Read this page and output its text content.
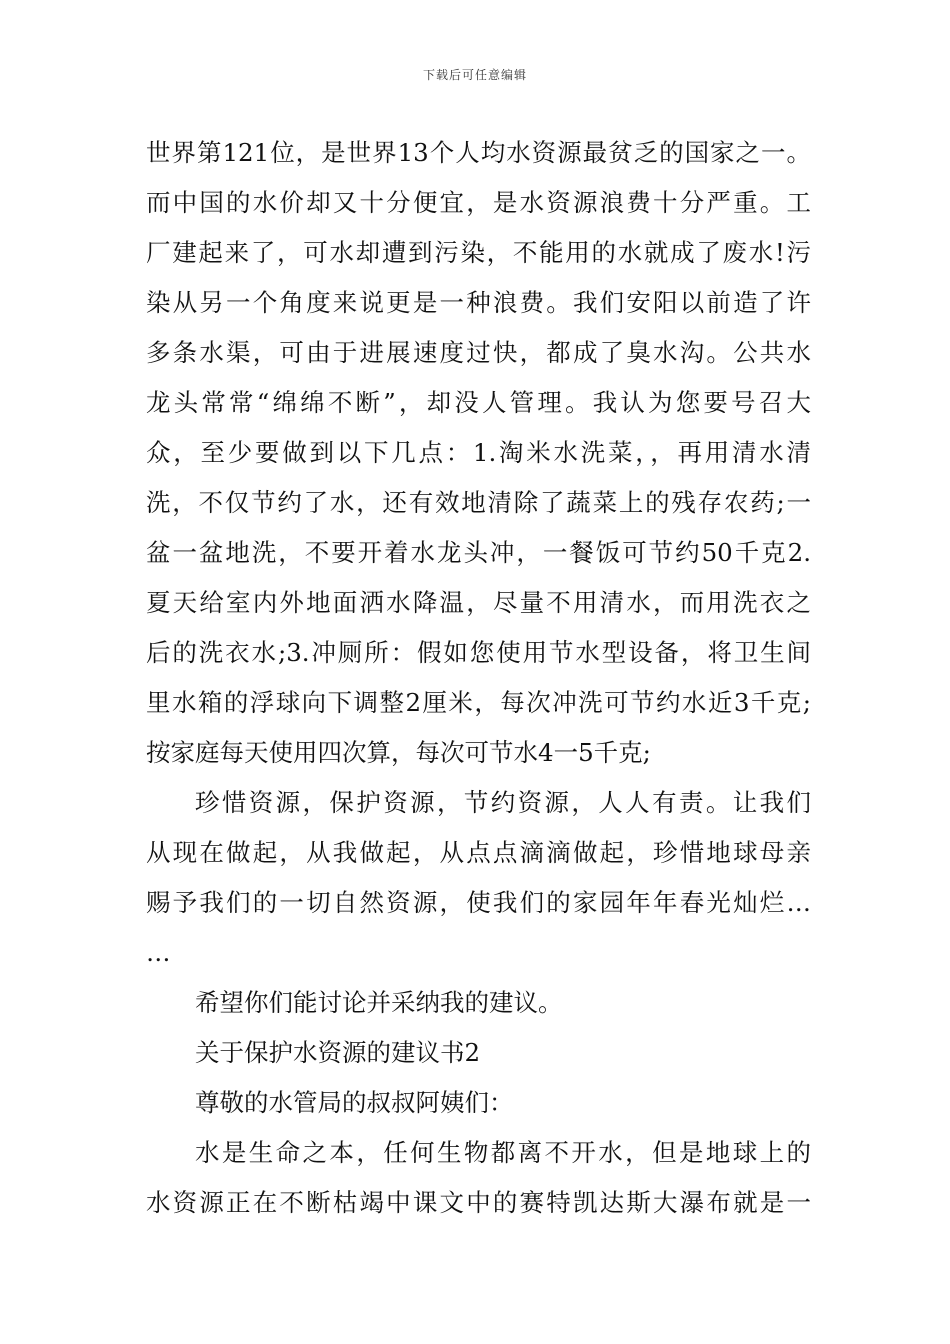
下载后可任意编辑
世界第121位，是世界13个人均水资源最贫乏的国家之一。
而中国的水价却又十分便宜，是水资源浪费十分严重。工
厂建起来了，可水却遭到污染，不能用的水就成了废水!污
染从另一个角度来说更是一种浪费。我们安阳以前造了许
多条水渠，可由于进展速度过快，都成了臭水沟。公共水
龙头常常“绵绵不断”，却没人管理。我认为您要号召大
众，至少要做到以下几点：1.淘米水洗菜，，再用清水清
洗，不仅节约了水，还有效地清除了蔬菜上的残存农药;一
盆一盆地洗，不要开着水龙头冲，一餐饭可节约50千克2.
夏天给室内外地面洒水降温，尽量不用清水，而用洗衣之
后的洗衣水;3.冲厕所：假如您使用节水型设备，将卫生间
里水箱的浮球向下调整2厘米，每次冲洗可节约水近3千克;
按家庭每天使用四次算，每次可节水4一5千克;
珍惜资源，保护资源，节约资源，人人有责。让我们
从现在做起，从我做起，从点点滴滴做起，珍惜地球母亲
赐予我们的一切自然资源，使我们的家园年年春光灿烂…
…
希望你们能讨论并采纳我的建议。
关于保护水资源的建议书2
尊敬的水管局的叔叔阿姨们：
水是生命之本，任何生物都离不开水，但是地球上的
水资源正在不断枯竭中课文中的赛特凯达斯大瀑布就是一
